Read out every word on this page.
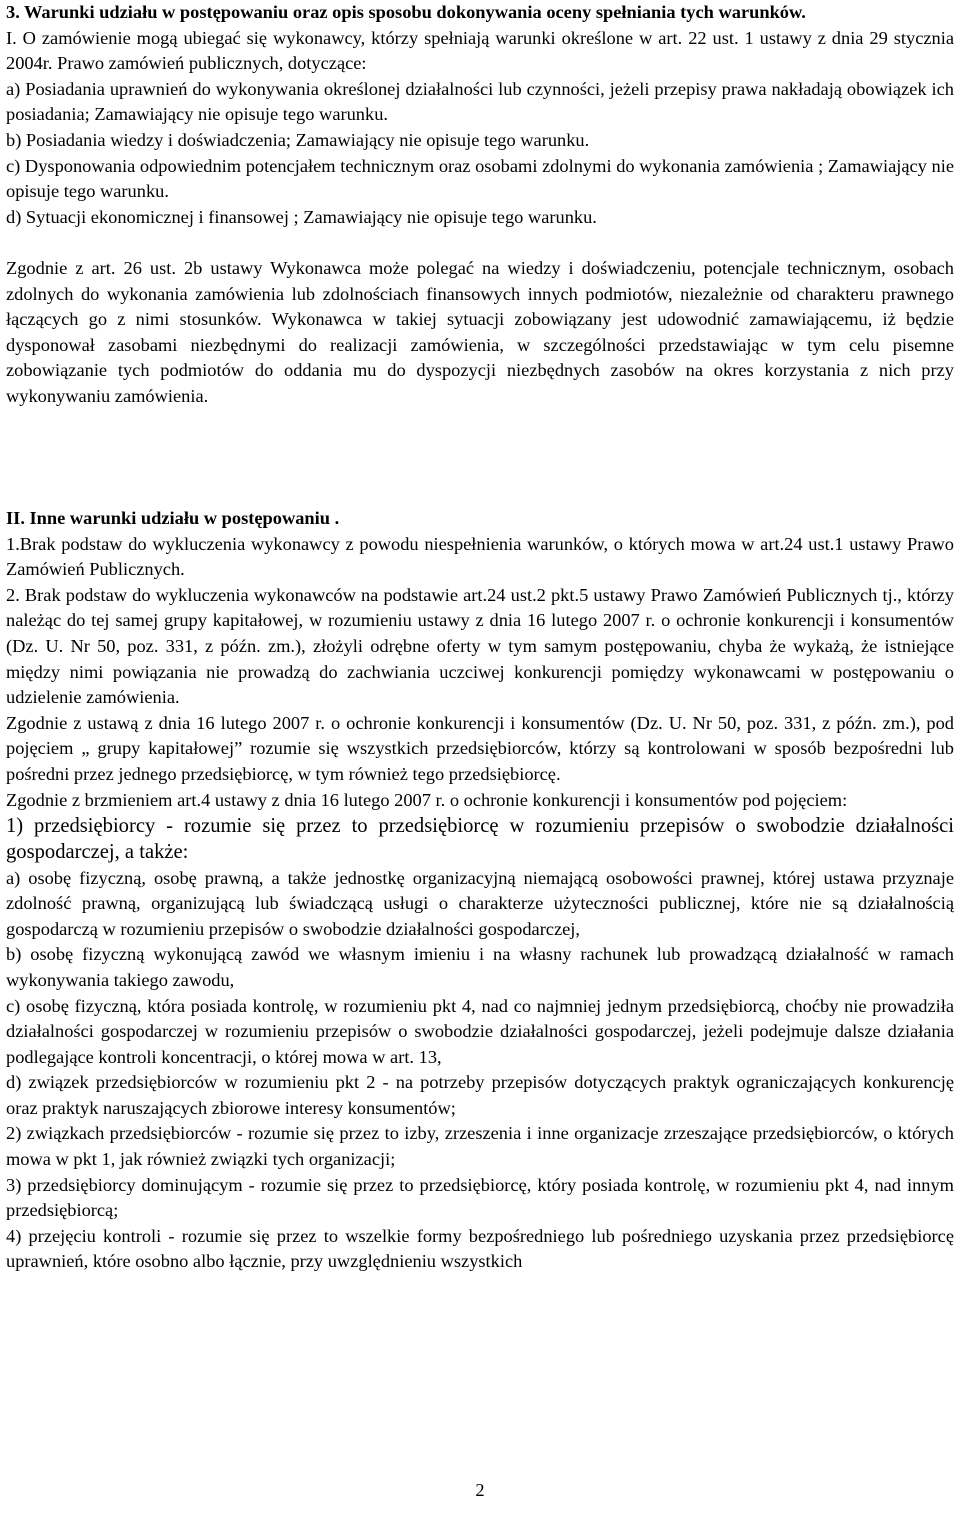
3. Warunki udziału w postępowaniu oraz opis sposobu dokonywania oceny spełniania tych warunków.

I. O zamówienie mogą ubiegać się wykonawcy, którzy spełniają warunki określone w art. 22 ust. 1 ustawy z dnia 29 stycznia 2004r. Prawo zamówień publicznych, dotyczące:

a) Posiadania uprawnień do wykonywania określonej działalności lub czynności, jeżeli przepisy prawa nakładają obowiązek ich posiadania; Zamawiający nie opisuje tego warunku.

b) Posiadania wiedzy i doświadczenia; Zamawiający nie opisuje tego warunku.

c) Dysponowania odpowiednim potencjałem technicznym oraz osobami zdolnymi do wykonania zamówienia ; Zamawiający nie opisuje tego warunku.

d) Sytuacji ekonomicznej i finansowej ; Zamawiający nie opisuje tego warunku.

Zgodnie z art. 26 ust. 2b ustawy Wykonawca może polegać na wiedzy i doświadczeniu, potencjale technicznym, osobach zdolnych do wykonania zamówienia lub zdolnościach finansowych innych podmiotów, niezależnie od charakteru prawnego łączących go z nimi stosunków. Wykonawca w takiej sytuacji zobowiązany jest udowodnić zamawiającemu, iż będzie dysponował zasobami niezbędnymi do realizacji zamówienia, w szczególności przedstawiając w tym celu pisemne zobowiązanie tych podmiotów do oddania mu do dyspozycji niezbędnych zasobów na okres korzystania z nich przy wykonywaniu zamówienia.

II. Inne warunki udziału w postępowaniu .

1.Brak podstaw do wykluczenia wykonawcy z powodu niespełnienia warunków, o których mowa w art.24 ust.1 ustawy Prawo Zamówień Publicznych.

2. Brak podstaw do wykluczenia wykonawców na podstawie art.24 ust.2 pkt.5 ustawy Prawo Zamówień Publicznych tj., którzy należąc do tej samej grupy kapitałowej, w rozumieniu ustawy z dnia 16 lutego 2007 r. o ochronie konkurencji i konsumentów (Dz. U. Nr 50, poz. 331, z późn. zm.), złożyli odrębne oferty w tym samym postępowaniu, chyba że wykażą, że istniejące między nimi powiązania nie prowadzą do zachwiania uczciwej konkurencji pomiędzy wykonawcami w postępowaniu o udzielenie zamówienia.

Zgodnie z ustawą z dnia 16 lutego 2007 r. o ochronie konkurencji i konsumentów (Dz. U. Nr 50, poz. 331, z późn. zm.), pod pojęciem „ grupy kapitałowej” rozumie się wszystkich przedsiębiorców, którzy są kontrolowani w sposób bezpośredni lub pośredni przez jednego przedsiębiorcę, w tym również tego przedsiębiorcę.

Zgodnie z brzmieniem art.4 ustawy z dnia 16 lutego 2007 r. o ochronie konkurencji i konsumentów pod pojęciem:

1) przedsiębiorcy - rozumie się przez to przedsiębiorcę w rozumieniu przepisów o swobodzie działalności gospodarczej, a także:

a) osobę fizyczną, osobę prawną, a także jednostkę organizacyjną niemającą osobowości prawnej, której ustawa przyznaje zdolność prawną, organizującą lub świadczącą usługi o charakterze użyteczności publicznej, które nie są działalnością gospodarczą w rozumieniu przepisów o swobodzie działalności gospodarczej,

b) osobę fizyczną wykonującą zawód we własnym imieniu i na własny rachunek lub prowadzącą działalność w ramach wykonywania takiego zawodu,

c) osobę fizyczną, która posiada kontrolę, w rozumieniu pkt 4, nad co najmniej jednym przedsiębiorcą, choćby nie prowadziła działalności gospodarczej w rozumieniu przepisów o swobodzie działalności gospodarczej, jeżeli podejmuje dalsze działania podlegające kontroli koncentracji, o której mowa w art. 13,

d) związek przedsiębiorców w rozumieniu pkt 2 - na potrzeby przepisów dotyczących praktyk ograniczających konkurencję oraz praktyk naruszających zbiorowe interesy konsumentów;

2) związkach przedsiębiorców - rozumie się przez to izby, zrzeszenia i inne organizacje zrzeszające przedsiębiorców, o których mowa w pkt 1, jak również związki tych organizacji;

3) przedsiębiorcy dominującym - rozumie się przez to przedsiębiorcę, który posiada kontrolę, w rozumieniu pkt 4, nad innym przedsiębiorcą;

4) przejęciu kontroli - rozumie się przez to wszelkie formy bezpośredniego lub pośredniego uzyskania przez przedsiębiorcę uprawnień, które osobno albo łącznie, przy uwzględnieniu wszystkich

2
